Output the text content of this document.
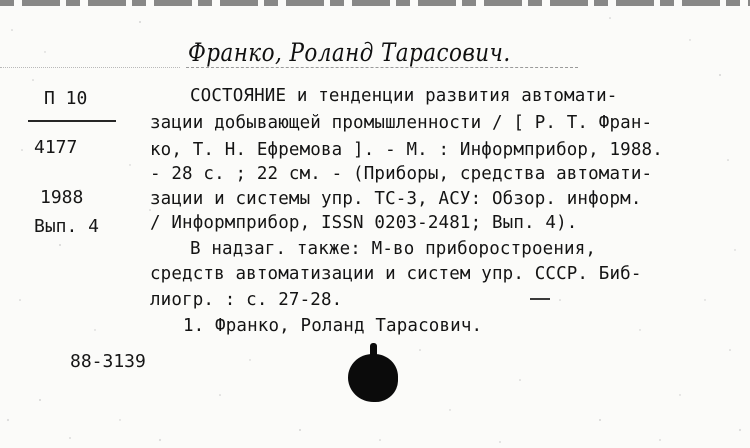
Франко, Роланд Тарасович.
П 10
4177
1988
Вып. 4
СОСТОЯНИЕ и тенденции развития автомати-
зации добывающей промышленности / [ Р. Т. Фран-
ко, Т. Н. Ефремова ]. - М. : Информприбор, 1988.
- 28 с. ; 22 см. - (Приборы, средства автомати-
зации и системы упр. ТС-3, АСУ: Обзор. информ.
/ Информприбор, ISSN 0203-2481; Вып. 4).
В надзаг. также: М-во приборостроения,
средств автоматизации и систем упр. СССР. Биб-
лиогр. : с. 27-28.
1. Франко, Роланд Тарасович.
88-3139
